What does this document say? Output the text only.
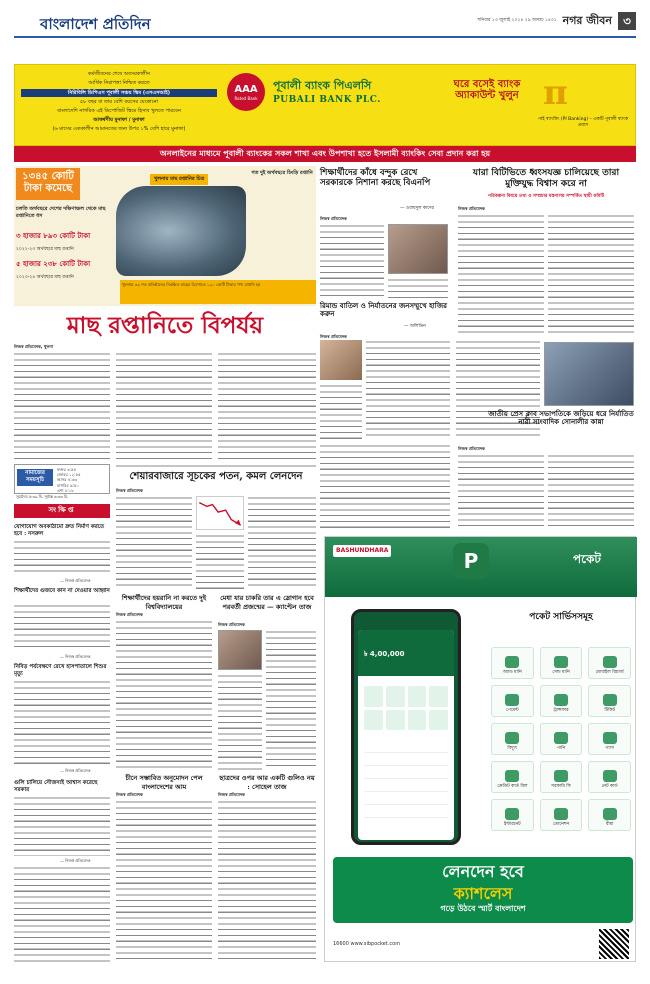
বাংলাদেশ প্রতিদিন	শনিবার ১৩ জুলাই ২০২৪ ২৯ আষাঢ় ১৪৩১ নগর জীবন ৩
কর্মজীবনের শেষে অবসরকালীন
আর্থিক নিরাপত্তা নিশ্চিত করতে
নিরিবিলি ডিপিএস পূবালী সঞ্চয় স্কিম (এসএসআই)
৫৮ বছর বা তার বেশি বয়সের যেকোনো
বাংলাদেশি নাগরিক এই ডিপোজিট স্কিমে হিসাব খুলতে পারবেন
আকর্ষণীয় মুনাফা / মুনাফা
(৬ মাসের এককালীন আমানতের জন্য উপর ১% বেশি হারে মুনাফা)
AAA
Rated Bank
পূবালী ব্যাংক পিএলসি
PUBALI BANK PLC.
ঘরে বসেই ব্যাংক অ্যাকাউন্ট খুলুন π
পাই ব্যাংকিং (PI Banking) – একটি পূবালী ব্যাংক প্রয়াস
অনলাইনের মাধ্যমে পূবালী ব্যাংকের সকল শাখা এবং উপশাখা হতে ইসলামী ব্যাংকিং সেবা প্রদান করা হয়
১৩৪৫ কোটি টাকা কমেছে
চলতি অর্থবছরে দেশের দক্ষিণাঞ্চল থেকে মাছ রপ্তানিতে ধস
৩ হাজার ৮৯৩ কোটি টাকা
২০২২-২৩ অর্থবছরে মাছ রপ্তানি
৫ হাজার ২৩৮ কোটি টাকা
২০২৩-২৪ অর্থবছরে মাছ রপ্তানি
খুলনায় মাছ রপ্তানির চিত্র
গত দুই অর্থবছরে চিংড়ি রপ্তানি
খুলনায় ৩২ শত প্রতিষ্ঠানের নিবন্ধিত মাছের ডিপোতে ১২০ কোটি টাকার পণ্য রপ্তানি হয়
মাছ রপ্তানিতে বিপর্যয়
নিজস্ব প্রতিবেদক, খুলনা
শিক্ষার্থীদের কাঁধে বন্দুক রেখে সরকারকে নিশানা করছে বিএনপি
নিজস্ব প্রতিবেদক
— ওবায়দুল কাদের
যারা বিটিভিতে ধ্বংসযজ্ঞ চালিয়েছে তারা মুক্তিযুদ্ধ বিশ্বাস করে না
পরিকল্পনা বিষয়ে তথ্য ও সম্প্রচার মন্ত্রণালয় সম্পর্কিত স্থায়ী কমিটি
নিজস্ব প্রতিবেদক
রিমান্ড বাতিল ও নির্যাতনের জনসম্মুখে হাজির করুন
— অলিভিন
নিজস্ব প্রতিবেদক
জাতীয় প্রেস ক্লাব সভাপতিকে জড়িয়ে ধরে নির্যাতিত নারী সাংবাদিক সোনালীর কান্না
নিজস্ব প্রতিবেদক
নামাজের সময়সূচি
ফজর ৩:৫৫
জোহর ১২:৫৫
আসর ৪:৩৩
মাগরিব ৬:৫০
এশা ৮:১৮
সূর্যোদয় ৫:৩৯ মি. সূর্যাস্ত ৬:৩৩ মি.
সংক্ষিপ্ত
যোগাযোগ অবকাঠামো দ্রুত নির্মাণ করতে হবে : নসরুল
— নিজস্ব প্রতিবেদক
শিক্ষার্থীদের গুজবে কান না দেওয়ার আহ্বান
— নিজস্ব প্রতিবেদক
নিবিড় পর্যবেক্ষণে রেখে হাসপাতালে শিশুর মৃত্যু
— নিজস্ব প্রতিবেদক
গুলি চালিয়ে সৌজন্যই আশ্বাস করেছে সরকার
— নিজস্ব প্রতিবেদক
শেয়ারবাজারে সূচকের পতন, কমল লেনদেন
নিজস্ব প্রতিবেদক
শিক্ষার্থীদের হয়রানি না করতে দুই বিশ্ববিদ্যালয়ের
নিজস্ব প্রতিবেদক
মেধা যার চাকরি তার এ স্লোগান হবে পরবর্তী প্রজন্মের — ক্যাপ্টেন তাজ
নিজস্ব প্রতিবেদক
চীনে সম্ভাবিত অনুমোদন পেল বাংলাদেশের আম
নিজস্ব প্রতিবেদক
ছাত্রদের ওপর আর একটি গুলিও নয় : সোহেল তাজ
নিজস্ব প্রতিবেদক
BASHUNDHARA	P	পকেট
৳ 4,00,000
পকেট সার্ভিসসমূহ
অ্যাড মানি	সেন্ড মানি	মোবাইল রিচার্জ
পেমেন্ট	ট্রান্সফার	টিকিট
বিদ্যুৎ	পানি	গ্যাস
ক্রেডিট কার্ড বিল	সরকারি ফি	নেট কার্ড
ইন্টারনেট	ডোনেশন	বীমা
লেনদেন হবে
ক্যাশলেস
গড়ে উঠবে স্মার্ট বাংলাদেশ
16600 www.sibpocket.com
